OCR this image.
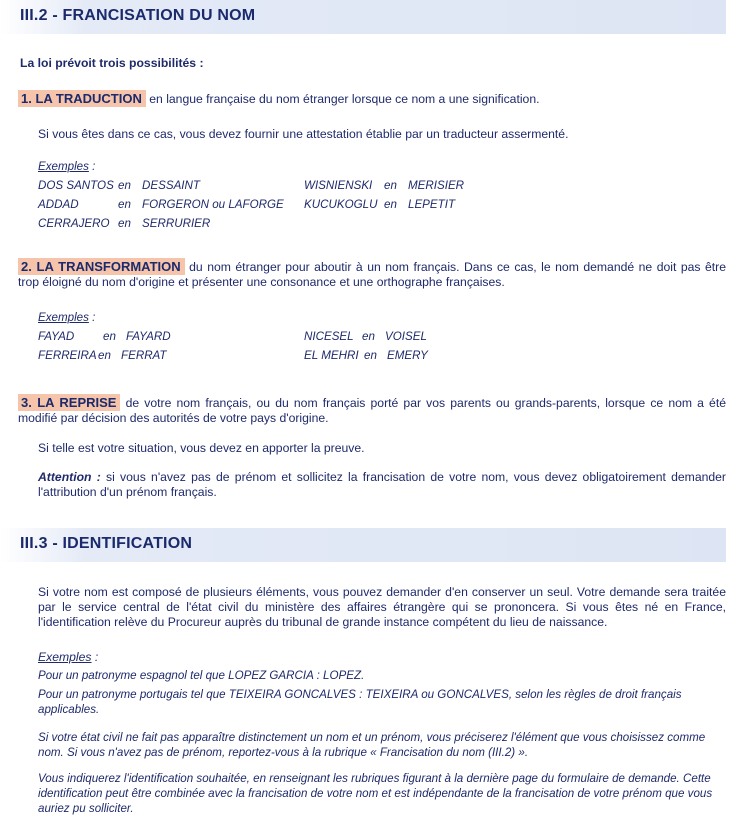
III.2 - FRANCISATION DU NOM
La loi prévoit trois possibilités :
1. LA TRADUCTION en langue française du nom étranger lorsque ce nom a une signification.
Si vous êtes dans ce cas, vous devez fournir une attestation établie par un traducteur assermenté.
Exemples :
DOS SANTOS en DESSAINT
ADDAD	en FORGERON ou LAFORGE
CERRAJERO en SERRURIER
WISNIENSKI en MERISIER
KUCUKOGLU en LEPETIT
2. LA TRANSFORMATION du nom étranger pour aboutir à un nom français. Dans ce cas, le nom demandé ne doit pas être trop éloigné du nom d'origine et présenter une consonance et une orthographe françaises.
Exemples :
FAYAD en FAYARD
FERREIRA en FERRAT
NICESEL en VOISEL
EL MEHRI en EMERY
3. LA REPRISE de votre nom français, ou du nom français porté par vos parents ou grands-parents, lorsque ce nom a été modifié par décision des autorités de votre pays d'origine.
Si telle est votre situation, vous devez en apporter la preuve.
Attention : si vous n'avez pas de prénom et sollicitez la francisation de votre nom, vous devez obligatoirement demander l'attribution d'un prénom français.
III.3 - IDENTIFICATION
Si votre nom est composé de plusieurs éléments, vous pouvez demander d'en conserver un seul. Votre demande sera traitée par le service central de l'état civil du ministère des affaires étrangère qui se prononcera. Si vous êtes né en France, l'identification relève du Procureur auprès du tribunal de grande instance compétent du lieu de naissance.
Exemples :
Pour un patronyme espagnol tel que LOPEZ GARCIA : LOPEZ.
Pour un patronyme portugais tel que TEIXEIRA GONCALVES : TEIXEIRA ou GONCALVES, selon les règles de droit français applicables.
Si votre état civil ne fait pas apparaître distinctement un nom et un prénom, vous préciserez l'élément que vous choisissez comme nom. Si vous n'avez pas de prénom, reportez-vous à la rubrique « Francisation du nom (III.2) ».
Vous indiquerez l'identification souhaitée, en renseignant les rubriques figurant à la dernière page du formulaire de demande. Cette identification peut être combinée avec la francisation de votre nom et est indépendante de la francisation de votre prénom que vous auriez pu solliciter.
